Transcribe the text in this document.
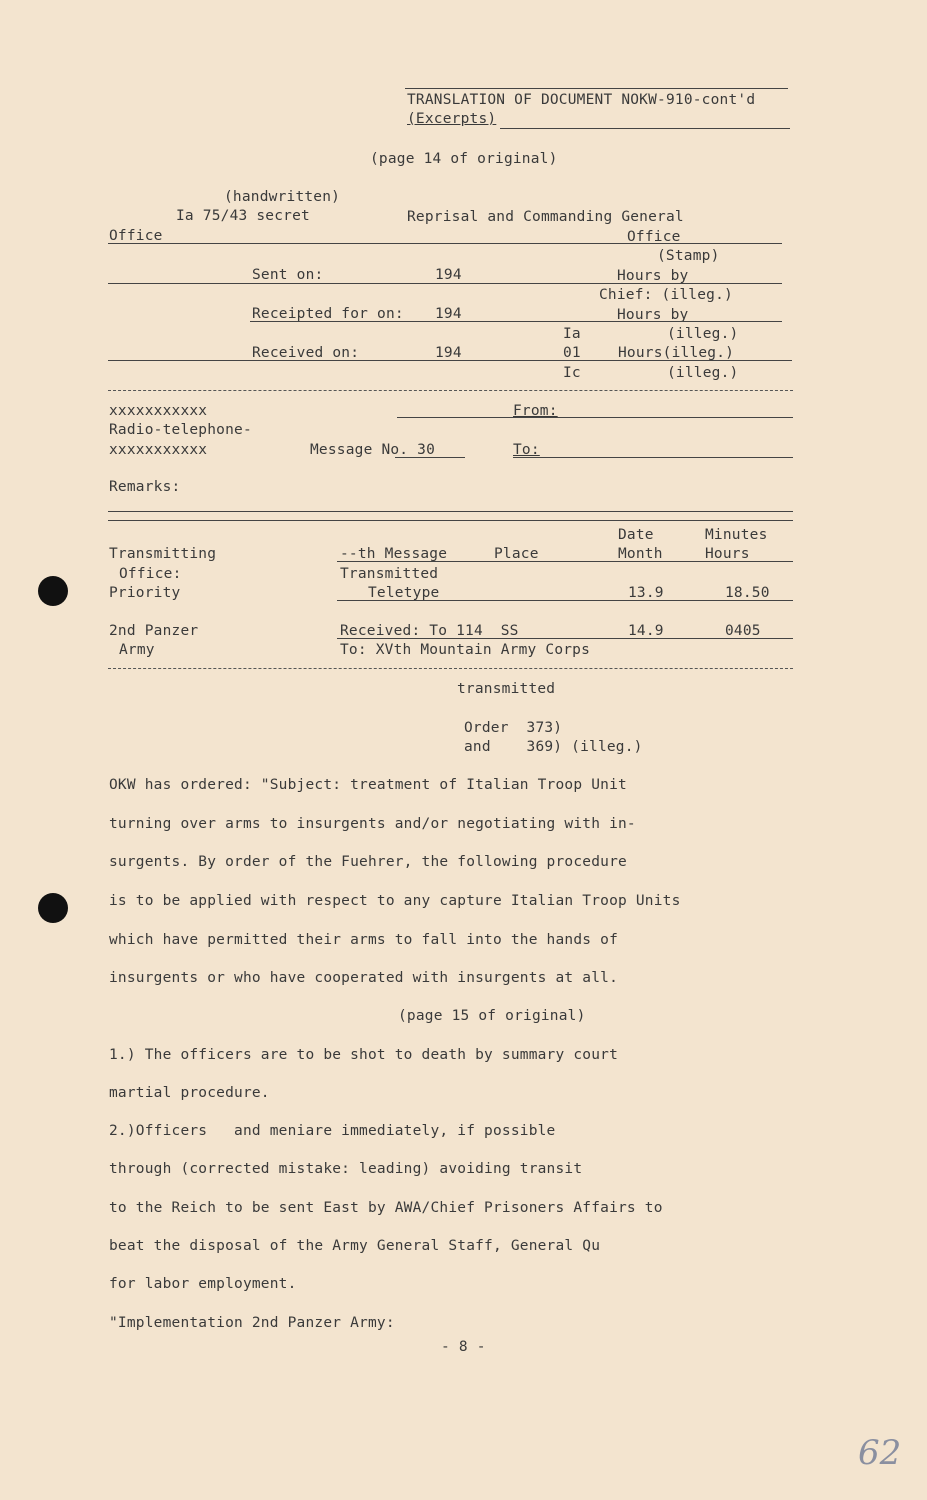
TRANSLATION OF DOCUMENT NOKW-910-cont'd
(Excerpts)
(page 14 of original)
(handwritten)
Ia 75/43 secret	Reprisal and Commanding General
Office	Office
(Stamp)
Sent on:	194	Hours by
Chief: (illeg.)
Receipted for on: 194	Hours by
Ia	(illeg.)
Received on:	194	01	Hours(illeg.)
Ic	(illeg.)
xxxxxxxxxxx	From:
Radio-telephone-
xxxxxxxxxxx	Message No. 30	To:
Remarks:
Date	Minutes
Transmitting	--th Message	Place	Month	Hours
Office:	Transmitted
Priority	Teletype	13.9	18.50
2nd Panzer	Received: To 114  SS	14.9	0405
Army	To: XVth Mountain Army Corps
transmitted
Order  373)
and    369) (illeg.)
OKW has ordered: "Subject: treatment of Italian Troop Unit
turning over arms to insurgents and/or negotiating with in-
surgents. By order of the Fuehrer, the following procedure
is to be applied with respect to any capture Italian Troop Units
which have permitted their arms to fall into the hands of
insurgents or who have cooperated with insurgents at all.
(page 15 of original)
1.) The officers are to be shot to death by summary court
martial procedure.
2.)Officers   and meniare immediately, if possible
through (corrected mistake: leading) avoiding transit
to the Reich to be sent East by AWA/Chief Prisoners Affairs to
beat the disposal of the Army General Staff, General Qu
for labor employment.
"Implementation 2nd Panzer Army:
- 8 -
62
